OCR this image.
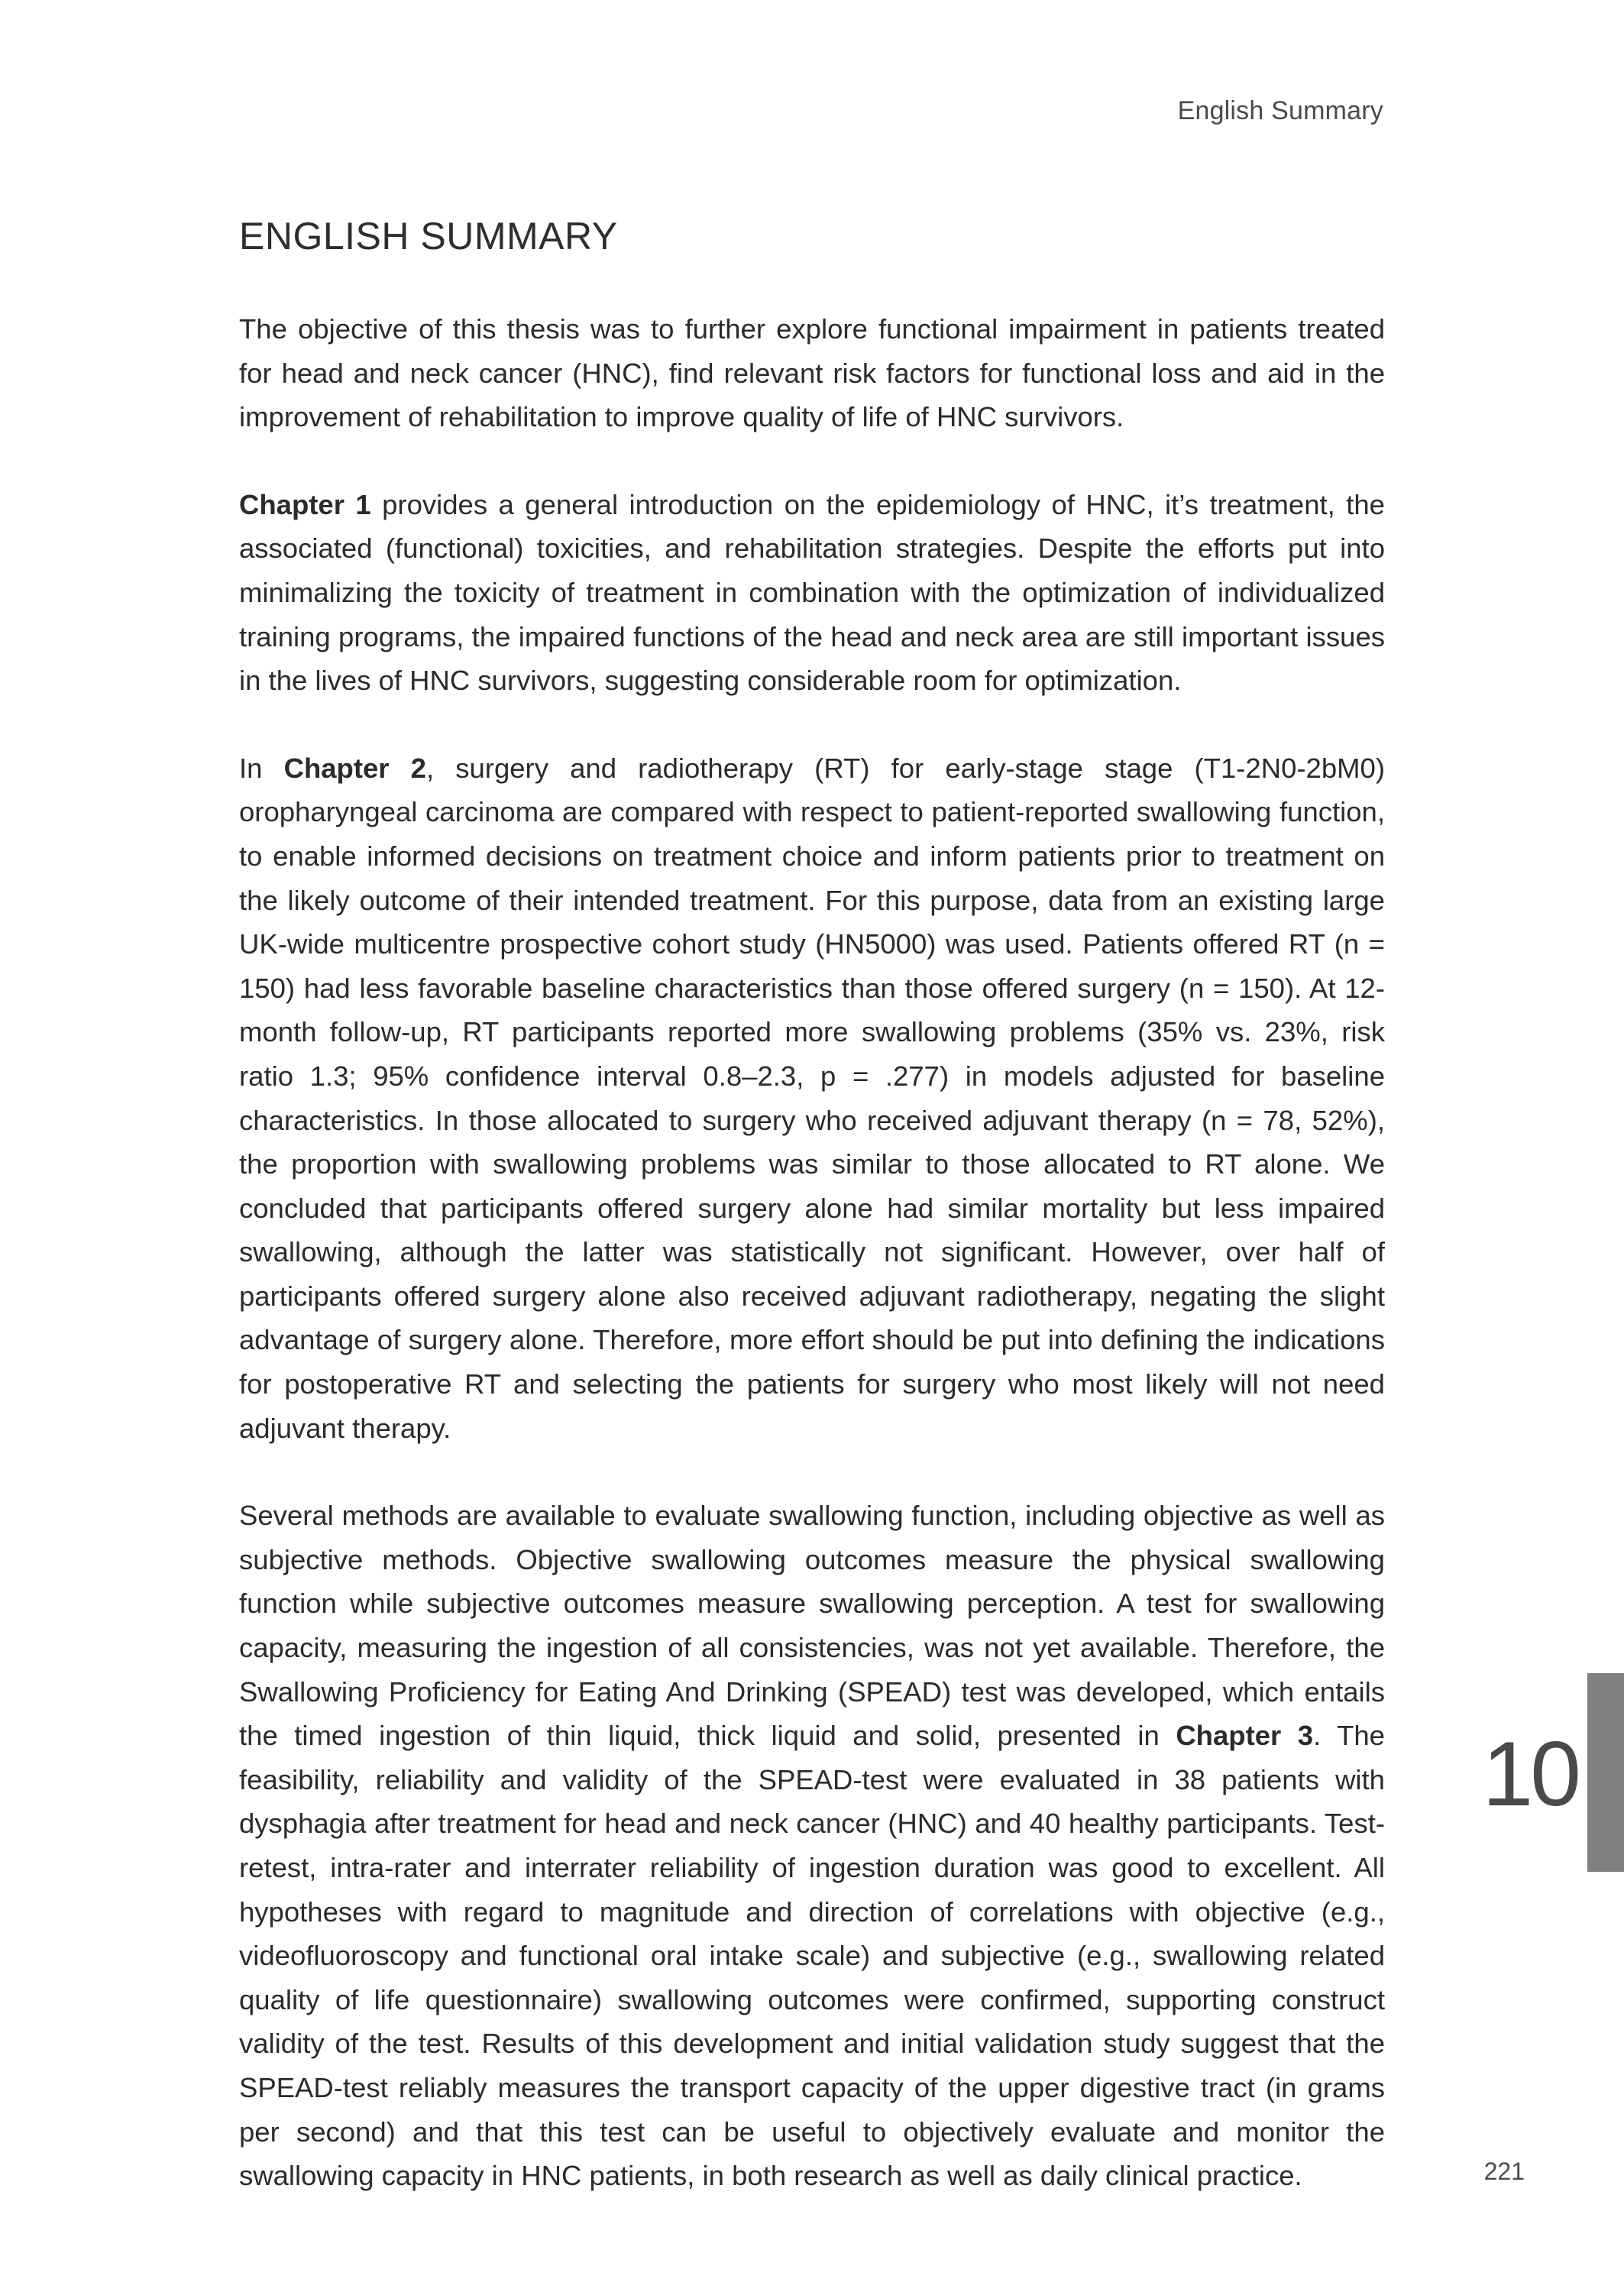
English Summary
ENGLISH SUMMARY

The objective of this thesis was to further explore functional impairment in patients treated for head and neck cancer (HNC), find relevant risk factors for functional loss and aid in the improvement of rehabilitation to improve quality of life of HNC survivors.

Chapter 1 provides a general introduction on the epidemiology of HNC, it’s treatment, the associated (functional) toxicities, and rehabilitation strategies. Despite the efforts put into minimalizing the toxicity of treatment in combination with the optimization of individualized training programs, the impaired functions of the head and neck area are still important issues in the lives of HNC survivors, suggesting considerable room for optimization.

In Chapter 2, surgery and radiotherapy (RT) for early-stage stage (T1-2N0-2bM0) oropharyngeal carcinoma are compared with respect to patient-reported swallowing function, to enable informed decisions on treatment choice and inform patients prior to treatment on the likely outcome of their intended treatment. For this purpose, data from an existing large UK-wide multicentre prospective cohort study (HN5000) was used. Patients offered RT (n = 150) had less favorable baseline characteristics than those offered surgery (n = 150). At 12-month follow-up, RT participants reported more swallowing problems (35% vs. 23%, risk ratio 1.3; 95% confidence interval 0.8–2.3, p = .277) in models adjusted for baseline characteristics. In those allocated to surgery who received adjuvant therapy (n = 78, 52%), the proportion with swallowing problems was similar to those allocated to RT alone. We concluded that participants offered surgery alone had similar mortality but less impaired swallowing, although the latter was statistically not significant. However, over half of participants offered surgery alone also received adjuvant radiotherapy, negating the slight advantage of surgery alone. Therefore, more effort should be put into defining the indications for postoperative RT and selecting the patients for surgery who most likely will not need adjuvant therapy.

Several methods are available to evaluate swallowing function, including objective as well as subjective methods. Objective swallowing outcomes measure the physical swallowing function while subjective outcomes measure swallowing perception. A test for swallowing capacity, measuring the ingestion of all consistencies, was not yet available. Therefore, the Swallowing Proficiency for Eating And Drinking (SPEAD) test was developed, which entails the timed ingestion of thin liquid, thick liquid and solid, presented in Chapter 3. The feasibility, reliability and validity of the SPEAD-test were evaluated in 38 patients with dysphagia after treatment for head and neck cancer (HNC) and 40 healthy participants. Test-retest, intra-rater and interrater reliability of ingestion duration was good to excellent. All hypotheses with regard to magnitude and direction of correlations with objective (e.g., videofluoroscopy and functional oral intake scale) and subjective (e.g., swallowing related quality of life questionnaire) swallowing outcomes were confirmed, supporting construct validity of the test. Results of this development and initial validation study suggest that the SPEAD-test reliably measures the transport capacity of the upper digestive tract (in grams per second) and that this test can be useful to objectively evaluate and monitor the swallowing capacity in HNC patients, in both research as well as daily clinical practice.

10
221
